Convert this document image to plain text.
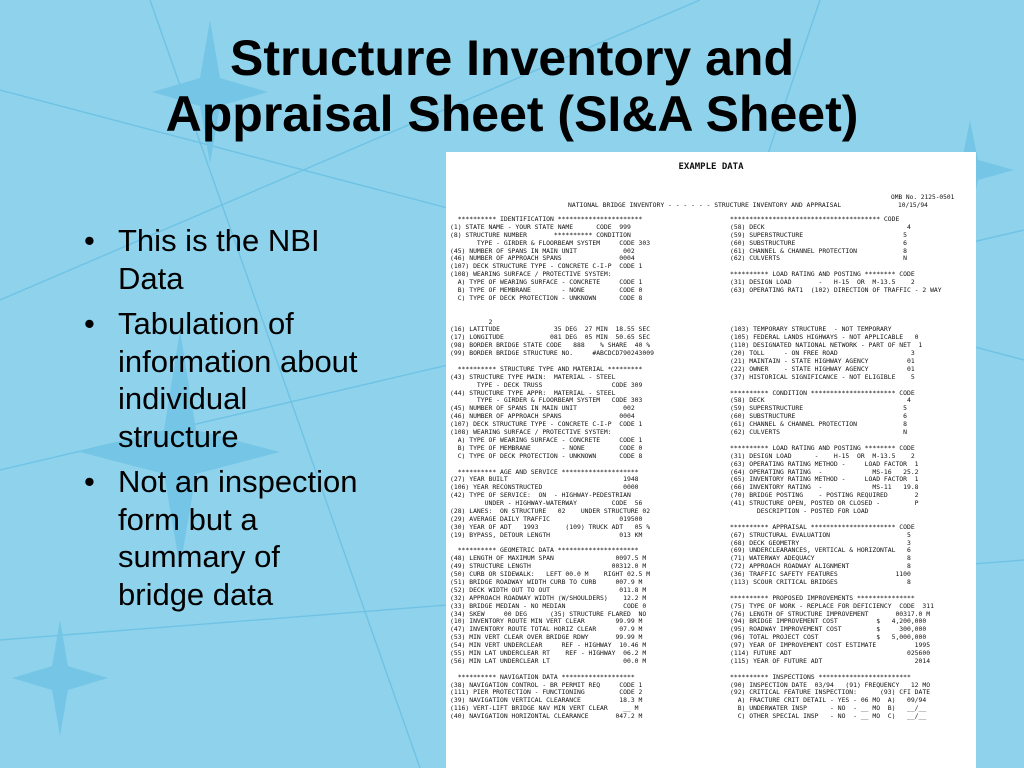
Structure Inventory and
Appraisal Sheet (SI&A Sheet)
• This is the NBI
Data
• Tabulation of
information about
individual
structure
• Not an inspection
form but a
summary of
bridge data
EXAMPLE DATA
OMB No. 2125-0501
10/15/94
NATIONAL BRIDGE INVENTORY - - - - - - STRUCTURE INVENTORY AND APPRAISAL
********** IDENTIFICATION **********************
(1) STATE NAME - YOUR STATE NAME      CODE  999
(8) STRUCTURE NUMBER       ********** CONDITION
TYPE - GIRDER & FLOORBEAM SYSTEM     CODE 303
(45) NUMBER OF SPANS IN MAIN UNIT            002
(46) NUMBER OF APPROACH SPANS               0004
(107) DECK STRUCTURE TYPE - CONCRETE C-I-P  CODE 1
(108) WEARING SURFACE / PROTECTIVE SYSTEM:
A) TYPE OF WEARING SURFACE - CONCRETE     CODE 1
B) TYPE OF MEMBRANE        - NONE         CODE 0
C) TYPE OF DECK PROTECTION - UNKNOWN      CODE 8
2
(16) LATITUDE              35 DEG  27 MIN  18.55 SEC
(17) LONGITUDE            081 DEG  05 MIN  50.65 SEC
(98) BORDER BRIDGE STATE CODE   888    % SHARE  40 %
(99) BORDER BRIDGE STRUCTURE NO.     #ABCDCD790243009
********** STRUCTURE TYPE AND MATERIAL *********
(43) STRUCTURE TYPE MAIN:  MATERIAL - STEEL
TYPE - DECK TRUSS                  CODE 309
(44) STRUCTURE TYPE APPR:  MATERIAL - STEEL
TYPE - GIRDER & FLOORBEAM SYSTEM   CODE 303
(45) NUMBER OF SPANS IN MAIN UNIT            002
(46) NUMBER OF APPROACH SPANS               0004
(107) DECK STRUCTURE TYPE - CONCRETE C-I-P  CODE 1
(108) WEARING SURFACE / PROTECTIVE SYSTEM:
A) TYPE OF WEARING SURFACE - CONCRETE     CODE 1
B) TYPE OF MEMBRANE        - NONE         CODE 0
C) TYPE OF DECK PROTECTION - UNKNOWN      CODE 8
********** AGE AND SERVICE ********************
(27) YEAR BUILT                              1948
(106) YEAR RECONSTRUCTED                     0000
(42) TYPE OF SERVICE:  ON  - HIGHWAY-PEDESTRIAN
UNDER - HIGHWAY-WATERWAY         CODE  56
(28) LANES:  ON STRUCTURE   02    UNDER STRUCTURE 02
(29) AVERAGE DAILY TRAFFIC                  019500
(30) YEAR OF ADT   1993       (109) TRUCK ADT   05 %
(19) BYPASS, DETOUR LENGTH                  013 KM
********** GEOMETRIC DATA *********************
(48) LENGTH OF MAXIMUM SPAN                0097.5 M
(49) STRUCTURE LENGTH                     00312.0 M
(50) CURB OR SIDEWALK:   LEFT 00.0 M    RIGHT 02.5 M
(51) BRIDGE ROADWAY WIDTH CURB TO CURB     007.9 M
(52) DECK WIDTH OUT TO OUT                  011.8 M
(32) APPROACH ROADWAY WIDTH (W/SHOULDERS)    12.2 M
(33) BRIDGE MEDIAN - NO MEDIAN               CODE 0
(34) SKEW     00 DEG      (35) STRUCTURE FLARED  NO
(10) INVENTORY ROUTE MIN VERT CLEAR        99.99 M
(47) INVENTORY ROUTE TOTAL HORIZ CLEAR      07.9 M
(53) MIN VERT CLEAR OVER BRIDGE RDWY       99.99 M
(54) MIN VERT UNDERCLEAR     REF - HIGHWAY  10.46 M
(55) MIN LAT UNDERCLEAR RT    REF - HIGHWAY  06.2 M
(56) MIN LAT UNDERCLEAR LT                   00.0 M
********** NAVIGATION DATA *******************
(38) NAVIGATION CONTROL - BR PERMIT REQ     CODE 1
(111) PIER PROTECTION - FUNCTIONING         CODE 2
(39) NAVIGATION VERTICAL CLEARANCE          18.3 M
(116) VERT-LIFT BRIDGE NAV MIN VERT CLEAR    __ M
(40) NAVIGATION HORIZONTAL CLEARANCE       047.2 M
*************************************** CODE
(58) DECK                                     4
(59) SUPERSTRUCTURE                          5
(60) SUBSTRUCTURE                            6
(61) CHANNEL & CHANNEL PROTECTION            8
(62) CULVERTS                                N
********** LOAD RATING AND POSTING ******** CODE
(31) DESIGN LOAD       -   H-15  OR  M-13.5    2
(63) OPERATING RAT1  (102) DIRECTION OF TRAFFIC - 2 WAY
(103) TEMPORARY STRUCTURE  - NOT TEMPORARY
(105) FEDERAL LANDS HIGHWAYS - NOT APPLICABLE   0
(110) DESIGNATED NATIONAL NETWORK - PART OF NET  1
(20) TOLL     - ON FREE ROAD                   3
(21) MAINTAIN - STATE HIGHWAY AGENCY          01
(22) OWNER    - STATE HIGHWAY AGENCY          01
(37) HISTORICAL SIGNIFICANCE - NOT ELIGIBLE    5
********** CONDITION ********************** CODE
(58) DECK                                     4
(59) SUPERSTRUCTURE                          5
(60) SUBSTRUCTURE                            6
(61) CHANNEL & CHANNEL PROTECTION            8
(62) CULVERTS                                N
********** LOAD RATING AND POSTING ******** CODE
(31) DESIGN LOAD      -    H-15  OR  M-13.5    2
(63) OPERATING RATING METHOD -     LOAD FACTOR  1
(64) OPERATING RATING  -             MS-16   25.2
(65) INVENTORY RATING METHOD -     LOAD FACTOR  1
(66) INVENTORY RATING  -             MS-11   19.8
(70) BRIDGE POSTING    - POSTING REQUIRED       2
(41) STRUCTURE OPEN, POSTED OR CLOSED -         P
DESCRIPTION - POSTED FOR LOAD
********** APPRAISAL ********************** CODE
(67) STRUCTURAL EVALUATION                    5
(68) DECK GEOMETRY                            3
(69) UNDERCLEARANCES, VERTICAL & HORIZONTAL   6
(71) WATERWAY ADEQUACY                        8
(72) APPROACH ROADWAY ALIGNMENT               8
(36) TRAFFIC SAFETY FEATURES               1100
(113) SCOUR CRITICAL BRIDGES                  8
********** PROPOSED IMPROVEMENTS ***************
(75) TYPE OF WORK - REPLACE FOR DEFICIENCY  CODE  311
(76) LENGTH OF STRUCTURE IMPROVEMENT       00317.0 M
(94) BRIDGE IMPROVEMENT COST          $   4,200,000
(95) ROADWAY IMPROVEMENT COST         $     300,000
(96) TOTAL PROJECT COST               $   5,000,000
(97) YEAR OF IMPROVEMENT COST ESTIMATE          1995
(114) FUTURE ADT                              025600
(115) YEAR OF FUTURE ADT                        2014
********** INSPECTIONS ************************
(90) INSPECTION DATE  03/94   (91) FREQUENCY   12 MO
(92) CRITICAL FEATURE INSPECTION:      (93) CFI DATE
A) FRACTURE CRIT DETAIL - YES - 06 MO  A)   09/94
B) UNDERWATER INSP      - NO  - __ MO  B)   __/__
C) OTHER SPECIAL INSP   - NO  - __ MO  C)   __/__
